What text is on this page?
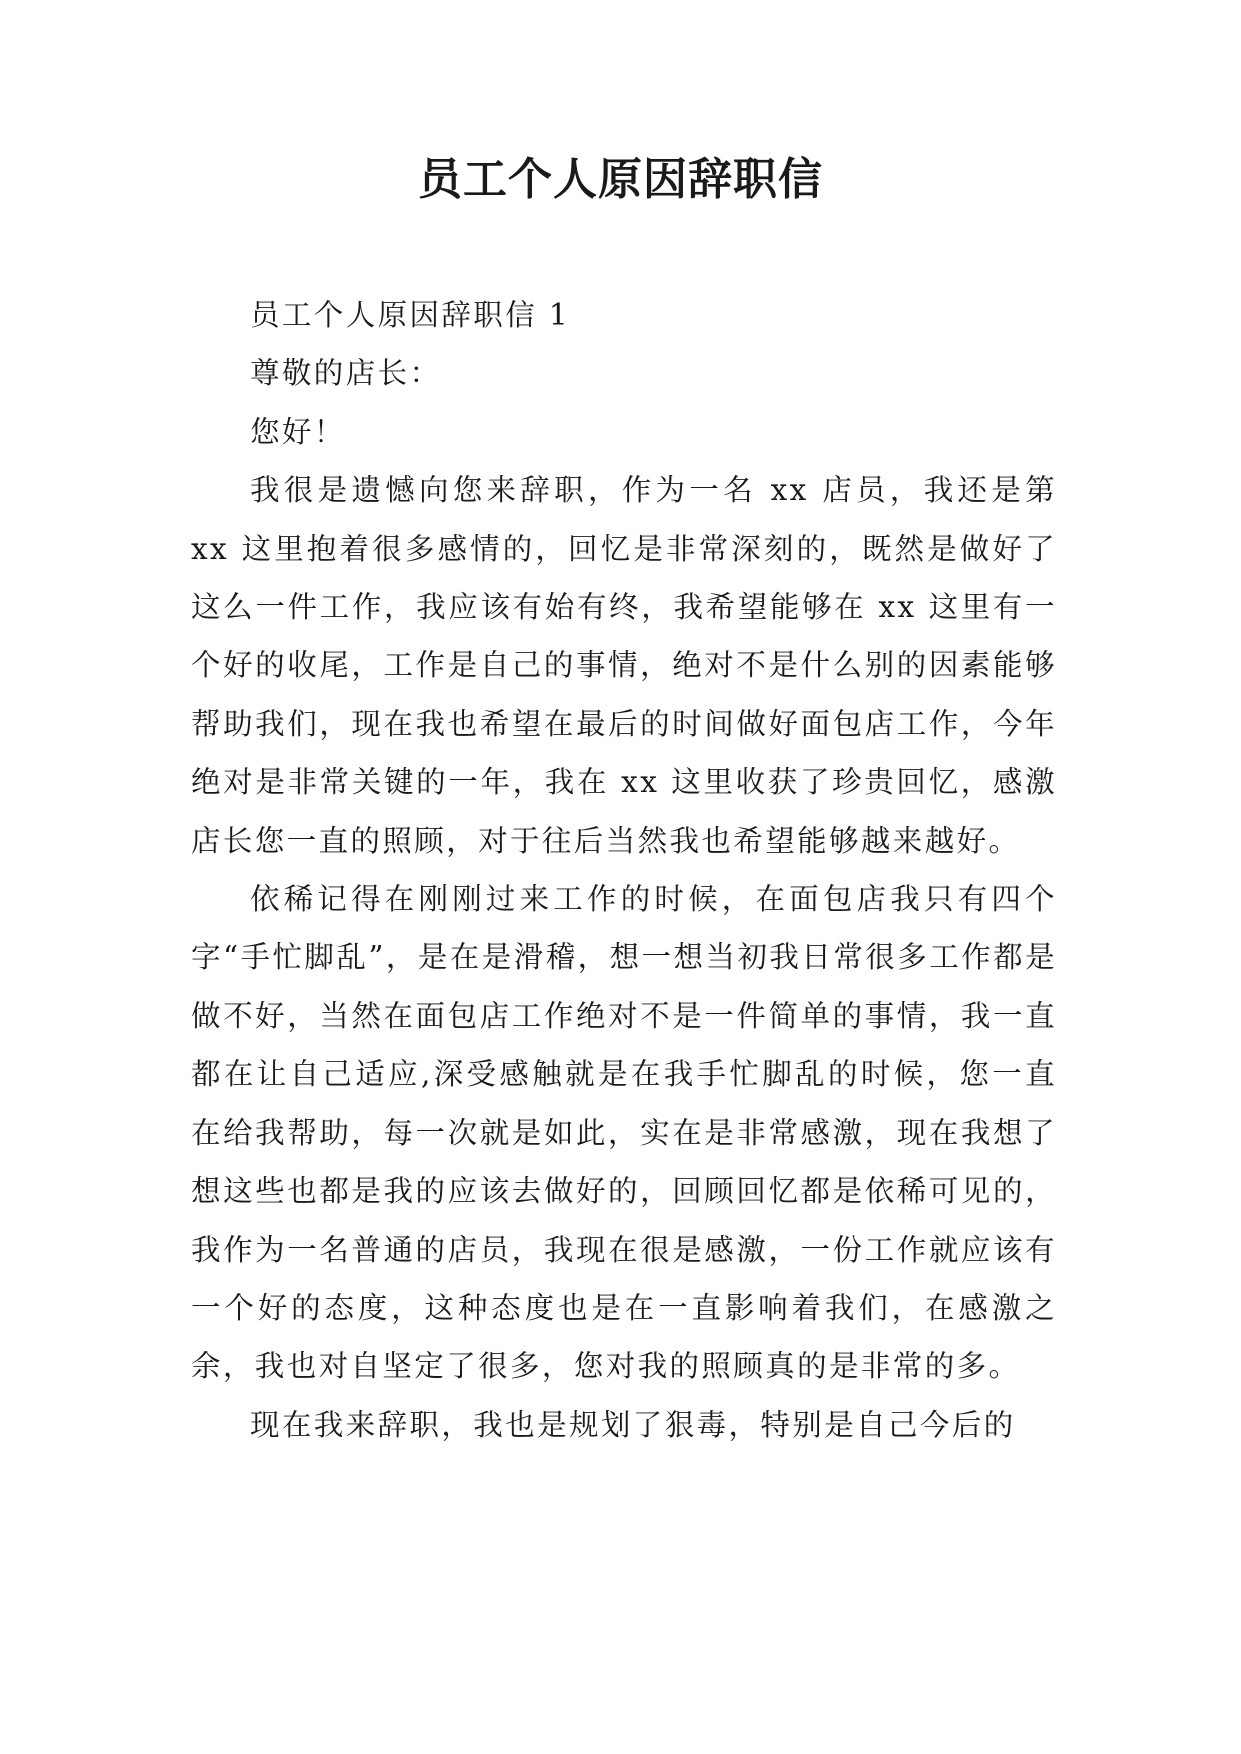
员工个人原因辞职信

员工个人原因辞职信 1

尊敬的店长：

您好！

我很是遗憾向您来辞职，作为一名 xx 店员，我还是第 xx 这里抱着很多感情的，回忆是非常深刻的，既然是做好了这么一件工作，我应该有始有终，我希望能够在 xx 这里有一个好的收尾，工作是自己的事情，绝对不是什么别的因素能够帮助我们，现在我也希望在最后的时间做好面包店工作，今年绝对是非常关键的一年，我在 xx 这里收获了珍贵回忆，感激店长您一直的照顾，对于往后当然我也希望能够越来越好。

依稀记得在刚刚过来工作的时候，在面包店我只有四个字“手忙脚乱”，是在是滑稽，想一想当初我日常很多工作都是做不好，当然在面包店工作绝对不是一件简单的事情，我一直都在让自己适应,深受感触就是在我手忙脚乱的时候，您一直在给我帮助，每一次就是如此，实在是非常感激，现在我想了想这些也都是我的应该去做好的，回顾回忆都是依稀可见的，我作为一名普通的店员，我现在很是感激，一份工作就应该有一个好的态度，这种态度也是在一直影响着我们，在感激之余，我也对自坚定了很多，您对我的照顾真的是非常的多。

现在我来辞职，我也是规划了狠毒，特别是自己今后的
